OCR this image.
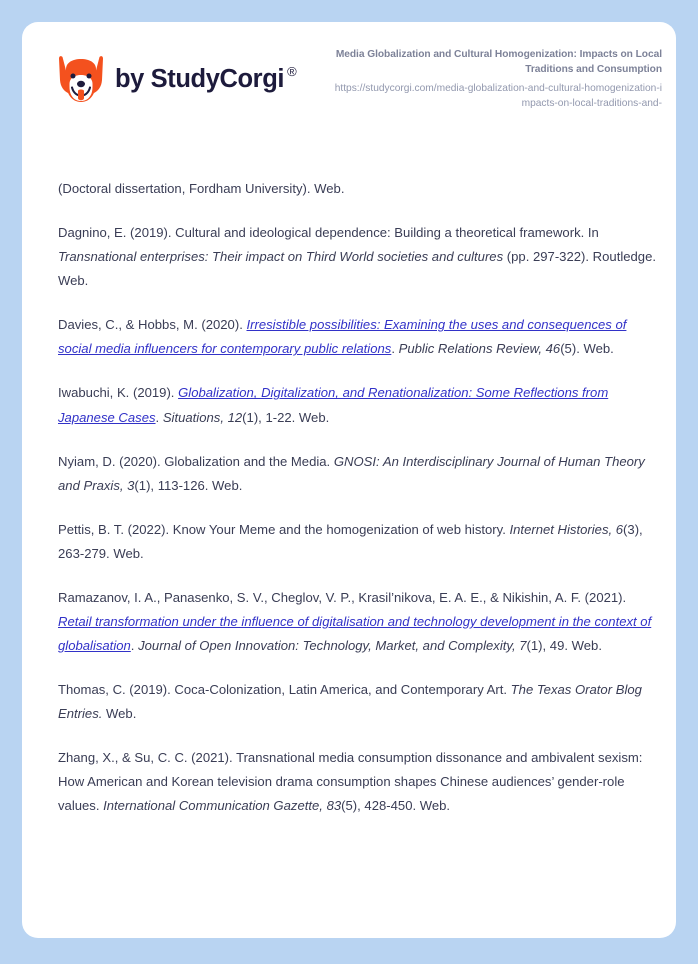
by StudyCorgi ®
Media Globalization and Cultural Homogenization: Impacts on Local Traditions and Consumption
https://studycorgi.com/media-globalization-and-cultural-homogenization-impacts-on-local-traditions-and-

(Doctoral dissertation, Fordham University). Web.

Dagnino, E. (2019). Cultural and ideological dependence: Building a theoretical framework. In Transnational enterprises: Their impact on Third World societies and cultures (pp. 297-322). Routledge. Web.

Davies, C., & Hobbs, M. (2020). Irresistible possibilities: Examining the uses and consequences of social media influencers for contemporary public relations. Public Relations Review, 46(5). Web.

Iwabuchi, K. (2019). Globalization, Digitalization, and Renationalization: Some Reflections from Japanese Cases. Situations, 12(1), 1-22. Web.

Nyiam, D. (2020). Globalization and the Media. GNOSI: An Interdisciplinary Journal of Human Theory and Praxis, 3(1), 113-126. Web.

Pettis, B. T. (2022). Know Your Meme and the homogenization of web history. Internet Histories, 6(3), 263-279. Web.

Ramazanov, I. A., Panasenko, S. V., Cheglov, V. P., Krasil’nikova, E. A. E., & Nikishin, A. F. (2021). Retail transformation under the influence of digitalisation and technology development in the context of globalisation. Journal of Open Innovation: Technology, Market, and Complexity, 7(1), 49. Web.

Thomas, C. (2019). Coca-Colonization, Latin America, and Contemporary Art. The Texas Orator Blog Entries. Web.

Zhang, X., & Su, C. C. (2021). Transnational media consumption dissonance and ambivalent sexism: How American and Korean television drama consumption shapes Chinese audiences’ gender-role values. International Communication Gazette, 83(5), 428-450. Web.
